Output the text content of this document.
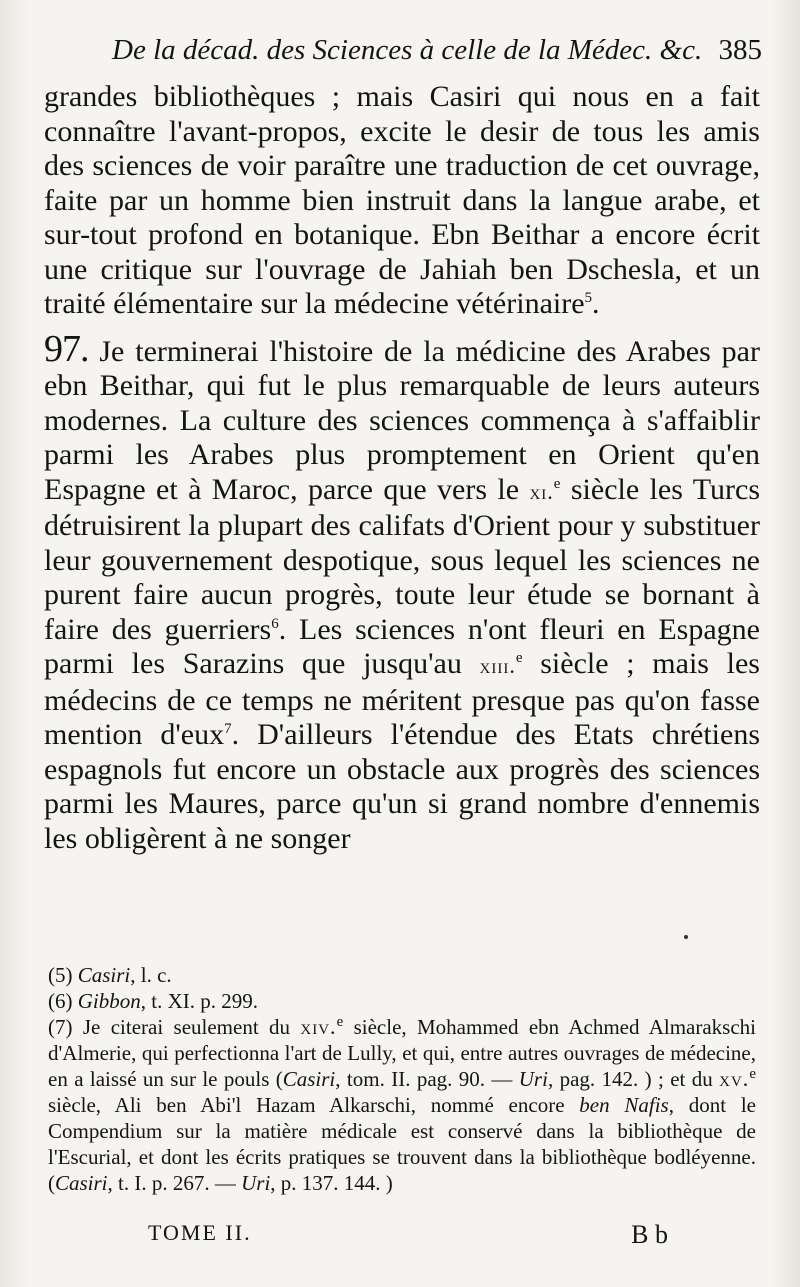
De la décad. des Sciences à celle de la Médec. &c. 385

grandes bibliothèques ; mais Casiri qui nous en a fait connaître l'avant-propos, excite le desir de tous les amis des sciences de voir paraître une traduction de cet ouvrage, faite par un homme bien instruit dans la langue arabe, et sur-tout profond en botanique. Ebn Beithar a encore écrit une critique sur l'ouvrage de Jahiah ben Dschesla, et un traité élémentaire sur la médecine vétérinaire$^5$.

97. Je terminerai l'histoire de la médicine des Arabes par ebn Beithar, qui fut le plus remarquable de leurs auteurs modernes. La culture des sciences commença à s'affaiblir parmi les Arabes plus promptement en Orient qu'en Espagne et à Maroc, parce que vers le xi.$^e$ siècle les Turcs détruisirent la plupart des califats d'Orient pour y substituer leur gouvernement despotique, sous lequel les sciences ne purent faire aucun progrès, toute leur étude se bornant à faire des guerriers$^6$. Les sciences n'ont fleuri en Espagne parmi les Sarazins que jusqu'au xiii.$^e$ siècle ; mais les médecins de ce temps ne méritent presque pas qu'on fasse mention d'eux$^7$. D'ailleurs l'étendue des Etats chrétiens espagnols fut encore un obstacle aux progrès des sciences parmi les Maures, parce qu'un si grand nombre d'ennemis les obligèrent à ne songer

(5) Casiri, l. c.

(6) Gibbon, t. XI. p. 299.

(7) Je citerai seulement du xiv.$^e$ siècle, Mohammed ebn Achmed Almarakschi d'Almerie, qui perfectionna l'art de Lully, et qui, entre autres ouvrages de médecine, en a laissé un sur le pouls (Casiri, tom. II. pag. 90. — Uri, pag. 142. ) ; et du xv.$^e$ siècle, Ali ben Abi'l Hazam Alkarschi, nommé encore ben Nafis, dont le Compendium sur la matière médicale est conservé dans la bibliothèque de l'Escurial, et dont les écrits pratiques se trouvent dans la bibliothèque bodléyenne. (Casiri, t. I. p. 267. — Uri, p. 137. 144. )

TOME II.	B b
